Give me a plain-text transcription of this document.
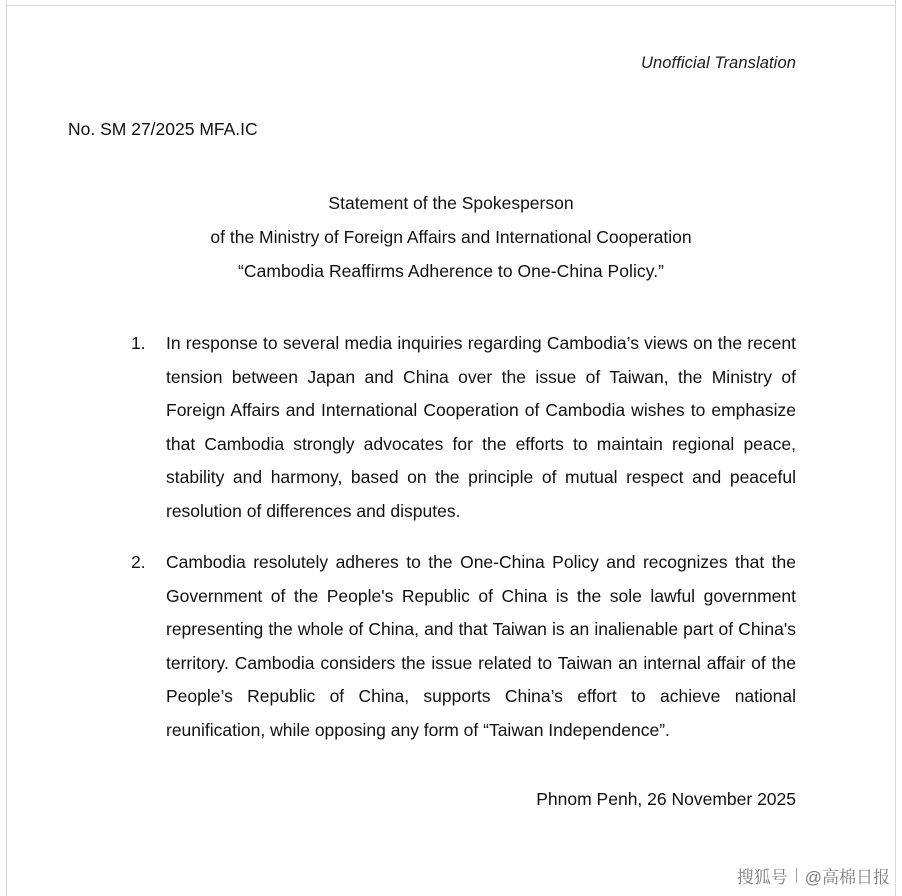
Unofficial Translation
No. SM 27/2025 MFA.IC
Statement of the Spokesperson
of the Ministry of Foreign Affairs and International Cooperation
“Cambodia Reaffirms Adherence to One-China Policy.”
1.	In response to several media inquiries regarding Cambodia’s views on the recent tension between Japan and China over the issue of Taiwan, the Ministry of Foreign Affairs and International Cooperation of Cambodia wishes to emphasize that Cambodia strongly advocates for the efforts to maintain regional peace, stability and harmony, based on the principle of mutual respect and peaceful resolution of differences and disputes.
2.	Cambodia resolutely adheres to the One-China Policy and recognizes that the Government of the People's Republic of China is the sole lawful government representing the whole of China, and that Taiwan is an inalienable part of China's territory. Cambodia considers the issue related to Taiwan an internal affair of the People’s Republic of China, supports China’s effort to achieve national reunification, while opposing any form of “Taiwan Independence”.
Phnom Penh, 26 November 2025
搜狐号 @高棉日报
